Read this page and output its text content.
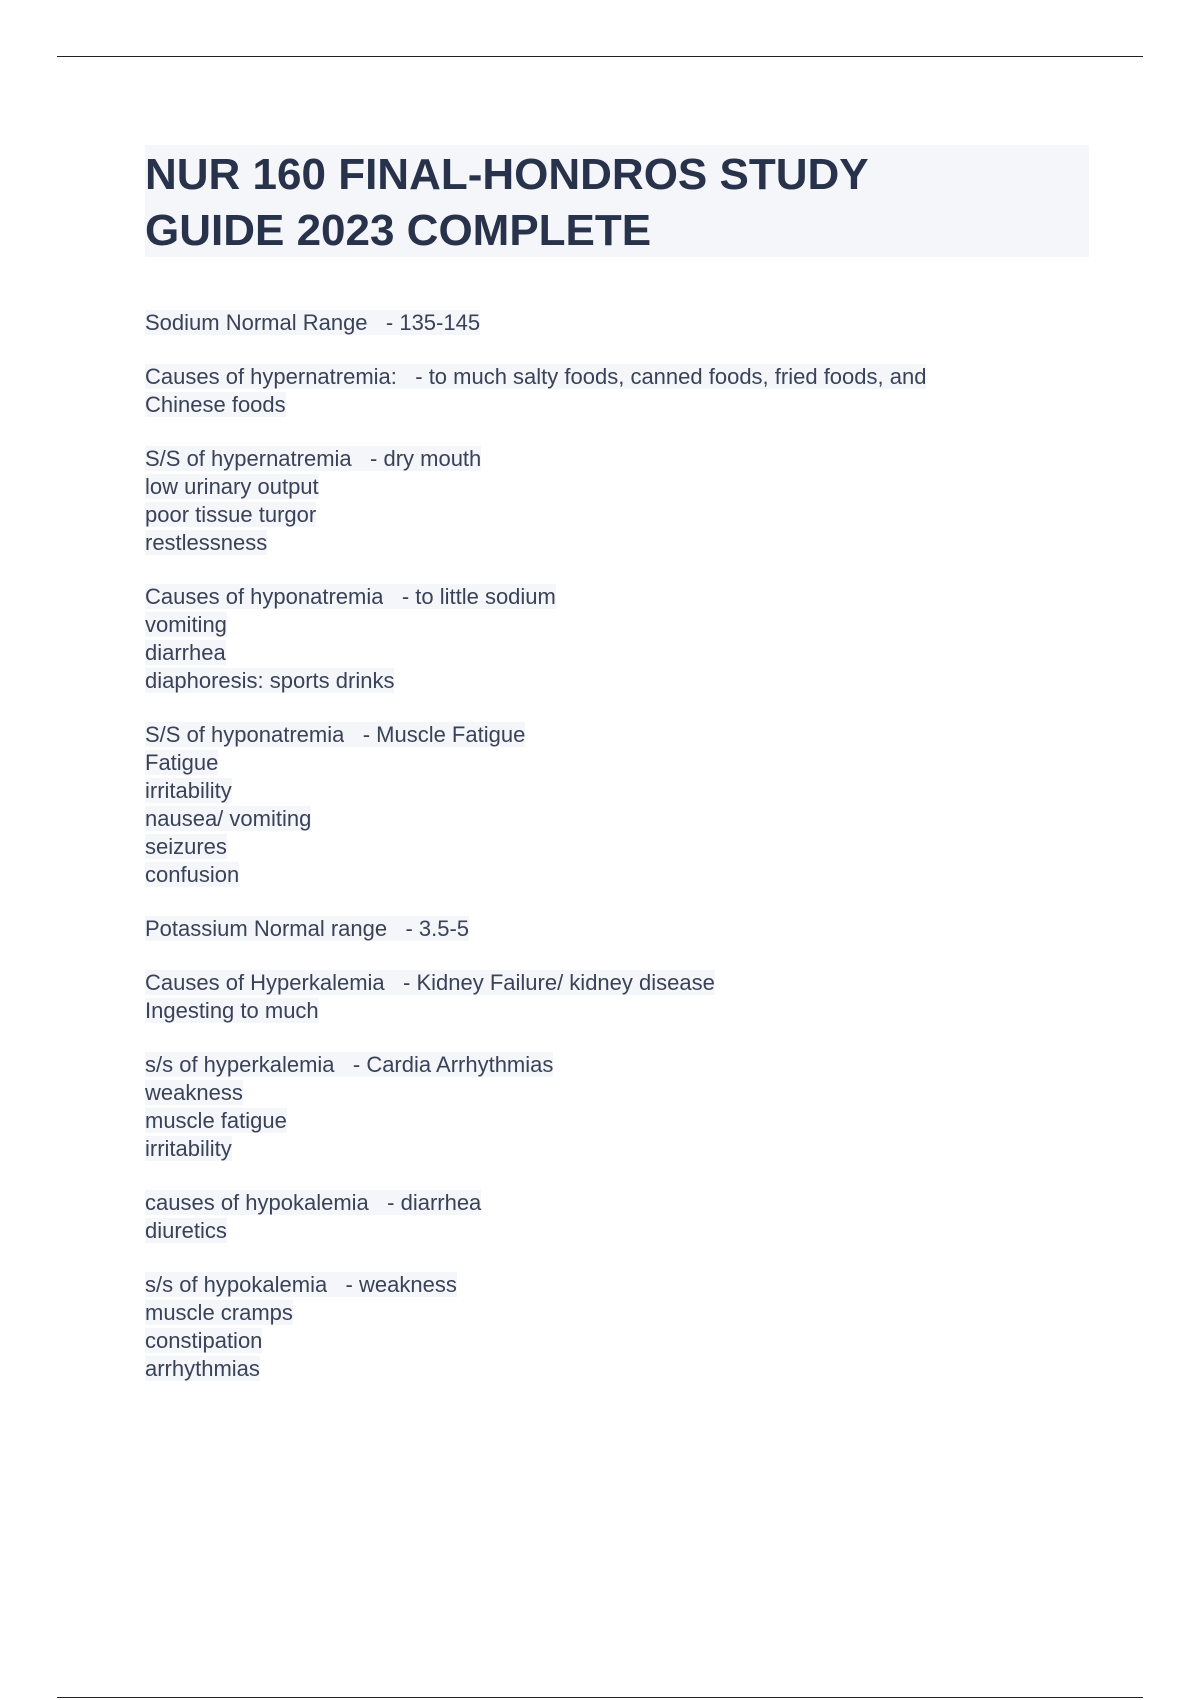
NUR 160 FINAL-HONDROS STUDY
GUIDE 2023 COMPLETE
Sodium Normal Range - 135-145
Causes of hypernatremia: - to much salty foods, canned foods, fried foods, and
Chinese foods
S/S of hypernatremia - dry mouth
low urinary output
poor tissue turgor
restlessness
Causes of hyponatremia - to little sodium
vomiting
diarrhea
diaphoresis: sports drinks
S/S of hyponatremia - Muscle Fatigue
Fatigue
irritability
nausea/ vomiting
seizures
confusion
Potassium Normal range - 3.5-5
Causes of Hyperkalemia - Kidney Failure/ kidney disease
Ingesting to much
s/s of hyperkalemia - Cardia Arrhythmias
weakness
muscle fatigue
irritability
causes of hypokalemia - diarrhea
diuretics
s/s of hypokalemia - weakness
muscle cramps
constipation
arrhythmias
